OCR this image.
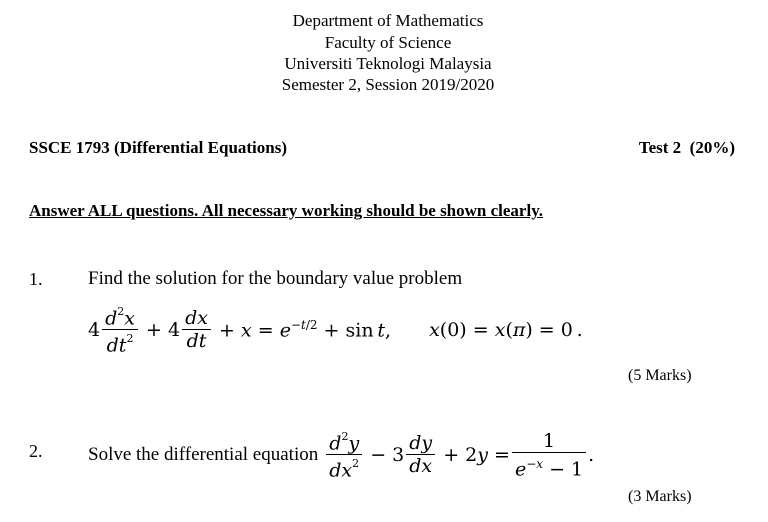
Department of Mathematics
Faculty of Science
Universiti Teknologi Malaysia
Semester 2, Session 2019/2020
SSCE 1793 (Differential Equations)	Test 2  (20%)
Answer ALL questions. All necessary working should be shown clearly.
1. Find the solution for the boundary value problem
$4 \frac{d^2x}{dt^2} + 4 \frac{dx}{dt} + x = e^{-t/2} + \sin t$, x(0) = x(π) = 0 .
(5 Marks)
2. Solve the differential equation
$\frac{d^2y}{dx^2} - 3 \frac{dy}{dx} + 2y = \frac{1}{e^{-x} - 1}$ .
(3 Marks)
